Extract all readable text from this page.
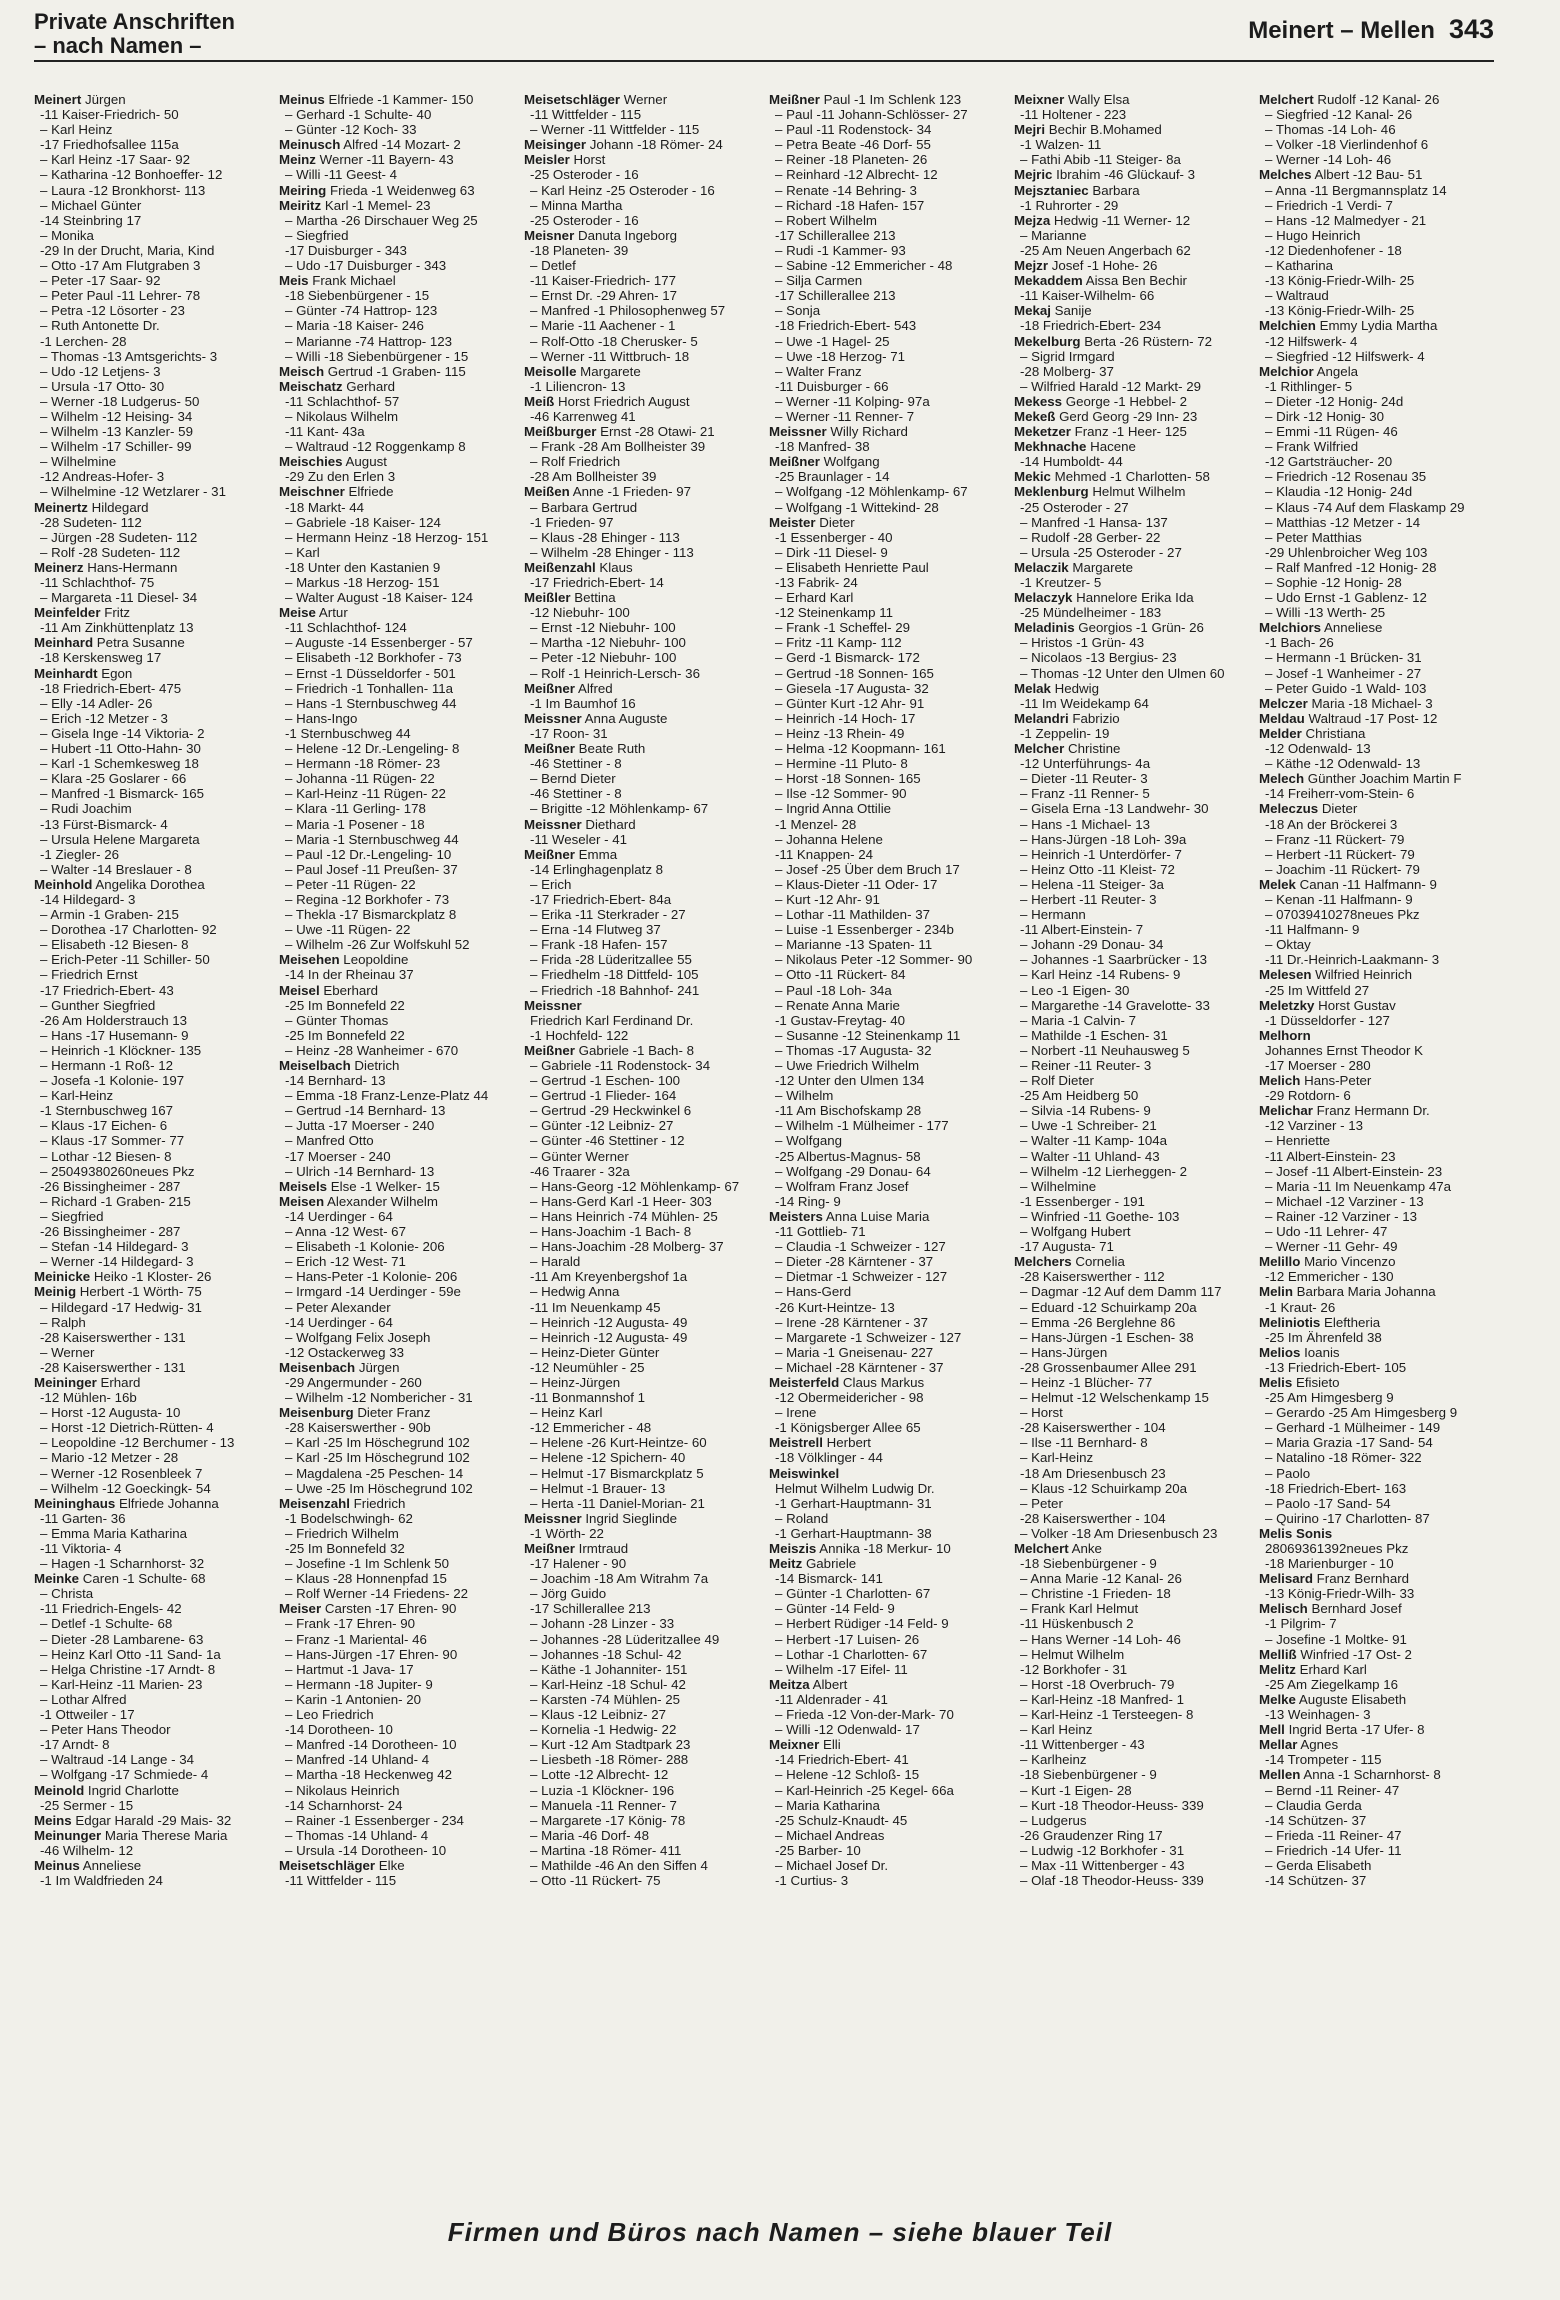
Private Anschriften
– nach Namen –
Meinert – Mellen 343
Meinert Jürgen
-11 Kaiser-Friedrich- 50
– Karl Heinz
-17 Friedhofsallee 115a
– Karl Heinz -17 Saar- 92
– Katharina -12 Bonhoeffer- 12
– Laura -12 Bronkhorst- 113
– Michael Günter
-14 Steinbring 17
– Monika
-29 In der Drucht, Maria, Kind
– Otto -17 Am Flutgraben 3
– Peter -17 Saar- 92
– Peter Paul -11 Lehrer- 78
– Petra -12 Lösorter - 23
– Ruth Antonette Dr.
-1 Lerchen- 28
– Thomas -13 Amtsgerichts- 3
– Udo -12 Letjens- 3
– Ursula -17 Otto- 30
– Werner -18 Ludgerus- 50
– Wilhelm -12 Heising- 34
– Wilhelm -13 Kanzler- 59
– Wilhelm -17 Schiller- 99
– Wilhelmine
-12 Andreas-Hofer- 3
– Wilhelmine -12 Wetzlarer - 31
Meinertz Hildegard
-28 Sudeten- 112
– Jürgen -28 Sudeten- 112
– Rolf -28 Sudeten- 112
Meinerz Hans-Hermann
-11 Schlachthof- 75
– Margareta -11 Diesel- 34
Meinfelder Fritz
-11 Am Zinkhüttenplatz 13
Meinhard Petra Susanne
-18 Kerskensweg 17
Meinhardt Egon
-18 Friedrich-Ebert- 475
– Elly -14 Adler- 26
– Erich -12 Metzer - 3
– Gisela Inge -14 Viktoria- 2
– Hubert -11 Otto-Hahn- 30
– Karl -1 Schemkesweg 18
– Klara -25 Goslarer - 66
– Manfred -1 Bismarck- 165
– Rudi Joachim
-13 Fürst-Bismarck- 4
– Ursula Helene Margareta
-1 Ziegler- 26
– Walter -14 Breslauer - 8
Meinhold Angelika Dorothea
-14 Hildegard- 3
– Armin -1 Graben- 215
– Dorothea -17 Charlotten- 92
– Elisabeth -12 Biesen- 8
– Erich-Peter -11 Schiller- 50
– Friedrich Ernst
-17 Friedrich-Ebert- 43
– Gunther Siegfried
-26 Am Holderstrauch 13
– Hans -17 Husemann- 9
– Heinrich -1 Klöckner- 135
– Hermann -1 Roß- 12
– Josefa -1 Kolonie- 197
– Karl-Heinz
-1 Sternbuschweg 167
– Klaus -17 Eichen- 6
– Klaus -17 Sommer- 77
– Lothar -12 Biesen- 8
– 25049380260neues Pkz
-26 Bissingheimer - 287
– Richard -1 Graben- 215
– Siegfried
-26 Bissingheimer - 287
– Stefan -14 Hildegard- 3
– Werner -14 Hildegard- 3
Meinicke Heiko -1 Kloster- 26
Meinig Herbert -1 Wörth- 75
– Hildegard -17 Hedwig- 31
– Ralph
-28 Kaiserswerther - 131
– Werner
-28 Kaiserswerther - 131
Meininger Erhard
-12 Mühlen- 16b
– Horst -12 Augusta- 10
– Horst -12 Dietrich-Rütten- 4
– Leopoldine -12 Berchumer - 13
– Mario -12 Metzer - 28
– Werner -12 Rosenbleek 7
– Wilhelm -12 Goeckingk- 54
Meininghaus Elfriede Johanna
-11 Garten- 36
– Emma Maria Katharina
-11 Viktoria- 4
– Hagen -1 Scharnhorst- 32
Meinke Caren -1 Schulte- 68
– Christa
-11 Friedrich-Engels- 42
– Detlef -1 Schulte- 68
– Dieter -28 Lambarene- 63
– Heinz Karl Otto -11 Sand- 1a
– Helga Christine -17 Arndt- 8
– Karl-Heinz -11 Marien- 23
– Lothar Alfred
-1 Ottweiler - 17
– Peter Hans Theodor
-17 Arndt- 8
– Waltraud -14 Lange - 34
– Wolfgang -17 Schmiede- 4
Meinold Ingrid Charlotte
-25 Sermer - 15
Meins Edgar Harald -29 Mais- 32
Meinunger Maria Therese Maria
-46 Wilhelm- 12
Meinus Anneliese
-1 Im Waldfrieden 24
Meinus Elfriede -1 Kammer- 150
– Gerhard -1 Schulte- 40
– Günter -12 Koch- 33
Meinusch Alfred -14 Mozart- 2
Meinz Werner -11 Bayern- 43
– Willi -11 Geest- 4
Meiring Frieda -1 Weidenweg 63
Meiritz Karl -1 Memel- 23
– Martha -26 Dirschauer Weg 25
– Siegfried
-17 Duisburger - 343
– Udo -17 Duisburger - 343
Meis Frank Michael
-18 Siebenbürgener - 15
– Günter -74 Hattrop- 123
– Maria -18 Kaiser- 246
– Marianne -74 Hattrop- 123
– Willi -18 Siebenbürgener - 15
Meisch Gertrud -1 Graben- 115
Meischatz Gerhard
-11 Schlachthof- 57
– Nikolaus Wilhelm
-11 Kant- 43a
– Waltraud -12 Roggenkamp 8
Meischies August
-29 Zu den Erlen 3
Meischner Elfriede
-18 Markt- 44
– Gabriele -18 Kaiser- 124
– Hermann Heinz -18 Herzog- 151
– Karl
-18 Unter den Kastanien 9
– Markus -18 Herzog- 151
– Walter August -18 Kaiser- 124
Meise Artur
-11 Schlachthof- 124
– Auguste -14 Essenberger - 57
– Elisabeth -12 Borkhofer - 73
– Ernst -1 Düsseldorfer - 501
– Friedrich -1 Tonhallen- 11a
– Hans -1 Sternbuschweg 44
– Hans-Ingo
-1 Sternbuschweg 44
– Helene -12 Dr.-Lengeling- 8
– Hermann -18 Römer- 23
– Johanna -11 Rügen- 22
– Karl-Heinz -11 Rügen- 22
– Klara -11 Gerling- 178
– Maria -1 Posener - 18
– Maria -1 Sternbuschweg 44
– Paul -12 Dr.-Lengeling- 10
– Paul Josef -11 Preußen- 37
– Peter -11 Rügen- 22
– Regina -12 Borkhofer - 73
– Thekla -17 Bismarckplatz 8
– Uwe -11 Rügen- 22
– Wilhelm -26 Zur Wolfskuhl 52
Meisehen Leopoldine
-14 In der Rheinau 37
Meisel Eberhard
-25 Im Bonnefeld 22
– Günter Thomas
-25 Im Bonnefeld 22
– Heinz -28 Wanheimer - 670
Meiselbach Dietrich
-14 Bernhard- 13
– Emma -18 Franz-Lenze-Platz 44
– Gertrud -14 Bernhard- 13
– Jutta -17 Moerser - 240
– Manfred Otto
-17 Moerser - 240
– Ulrich -14 Bernhard- 13
Meisels Else -1 Welker- 15
Meisen Alexander Wilhelm
-14 Uerdinger - 64
– Anna -12 West- 67
– Elisabeth -1 Kolonie- 206
– Erich -12 West- 71
– Hans-Peter -1 Kolonie- 206
– Irmgard -14 Uerdinger - 59e
– Peter Alexander
-14 Uerdinger - 64
– Wolfgang Felix Joseph
-12 Ostackerweg 33
Meisenbach Jürgen
-29 Angermunder - 260
– Wilhelm -12 Nombericher - 31
Meisenburg Dieter Franz
-28 Kaiserswerther - 90b
– Karl -25 Im Höschegrund 102
– Karl -25 Im Höschegrund 102
– Magdalena -25 Peschen- 14
– Uwe -25 Im Höschegrund 102
Meisenzahl Friedrich
-1 Bodelschwingh- 62
– Friedrich Wilhelm
-25 Im Bonnefeld 32
– Josefine -1 Im Schlenk 50
– Klaus -28 Honnenpfad 15
– Rolf Werner -14 Friedens- 22
Meiser Carsten -17 Ehren- 90
– Frank -17 Ehren- 90
– Franz -1 Mariental- 46
– Hans-Jürgen -17 Ehren- 90
– Hartmut -1 Java- 17
– Hermann -18 Jupiter- 9
– Karin -1 Antonien- 20
– Leo Friedrich
-14 Dorotheen- 10
– Manfred -14 Dorotheen- 10
– Manfred -14 Uhland- 4
– Martha -18 Heckenweg 42
– Nikolaus Heinrich
-14 Scharnhorst- 24
– Rainer -1 Essenberger - 234
– Thomas -14 Uhland- 4
– Ursula -14 Dorotheen- 10
Meisetschläger Elke
-11 Wittfelder - 115
Meisetschläger Werner
-11 Wittfelder - 115
– Werner -11 Wittfelder - 115
Meisinger Johann -18 Römer- 24
Meisler Horst
-25 Osteroder - 16
– Karl Heinz -25 Osteroder - 16
– Minna Martha
-25 Osteroder - 16
Meisner Danuta Ingeborg
-18 Planeten- 39
– Detlef
-11 Kaiser-Friedrich- 177
– Ernst Dr. -29 Ahren- 17
– Manfred -1 Philosophenweg 57
– Marie -11 Aachener - 1
– Rolf-Otto -18 Cherusker- 5
– Werner -11 Wittbruch- 18
Meisolle Margarete
-1 Liliencron- 13
Meiß Horst Friedrich August
-46 Karrenweg 41
Meißburger Ernst -28 Otawi- 21
– Frank -28 Am Bollheister 39
– Rolf Friedrich
-28 Am Bollheister 39
Meißen Anne -1 Frieden- 97
– Barbara Gertrud
-1 Frieden- 97
– Klaus -28 Ehinger - 113
– Wilhelm -28 Ehinger - 113
Meißenzahl Klaus
-17 Friedrich-Ebert- 14
Meißler Bettina
-12 Niebuhr- 100
– Ernst -12 Niebuhr- 100
– Martha -12 Niebuhr- 100
– Peter -12 Niebuhr- 100
– Rolf -1 Heinrich-Lersch- 36
Meißner Alfred
-1 Im Baumhof 16
Meissner Anna Auguste
-17 Roon- 31
Meißner Beate Ruth
-46 Stettiner - 8
– Bernd Dieter
-46 Stettiner - 8
– Brigitte -12 Möhlenkamp- 67
Meissner Diethard
-11 Weseler - 41
Meißner Emma
-14 Erlinghagenplatz 8
– Erich
-17 Friedrich-Ebert- 84a
– Erika -11 Sterkrader - 27
– Erna -14 Flutweg 37
– Frank -18 Hafen- 157
– Frida -28 Lüderitzallee 55
– Friedhelm -18 Dittfeld- 105
– Friedrich -18 Bahnhof- 241
Meissner
Friedrich Karl Ferdinand Dr.
-1 Hochfeld- 122
Meißner Gabriele -1 Bach- 8
– Gabriele -11 Rodenstock- 34
– Gertrud -1 Eschen- 100
– Gertrud -1 Flieder- 164
– Gertrud -29 Heckwinkel 6
– Günter -12 Leibniz- 27
– Günter -46 Stettiner - 12
– Günter Werner
-46 Traarer - 32a
– Hans-Georg -12 Möhlenkamp- 67
– Hans-Gerd Karl -1 Heer- 303
– Hans Heinrich -74 Mühlen- 25
– Hans-Joachim -1 Bach- 8
– Hans-Joachim -28 Molberg- 37
– Harald
-11 Am Kreyenbergshof 1a
– Hedwig Anna
-11 Im Neuenkamp 45
– Heinrich -12 Augusta- 49
– Heinrich -12 Augusta- 49
– Heinz-Dieter Günter
-12 Neumühler - 25
– Heinz-Jürgen
-11 Bonmannshof 1
– Heinz Karl
-12 Emmericher - 48
– Helene -26 Kurt-Heintze- 60
– Helene -12 Spichern- 40
– Helmut -17 Bismarckplatz 5
– Helmut -1 Brauer- 13
– Herta -11 Daniel-Morian- 21
Meissner Ingrid Sieglinde
-1 Wörth- 22
Meißner Irmtraud
-17 Halener - 90
– Joachim -18 Am Witrahm 7a
– Jörg Guido
-17 Schillerallee 213
– Johann -28 Linzer - 33
– Johannes -28 Lüderitzallee 49
– Johannes -18 Schul- 42
– Käthe -1 Johanniter- 151
– Karl-Heinz -18 Schul- 42
– Karsten -74 Mühlen- 25
– Klaus -12 Leibniz- 27
– Kornelia -1 Hedwig- 22
– Kurt -12 Am Stadtpark 23
– Liesbeth -18 Römer- 288
– Lotte -12 Albrecht- 12
– Luzia -1 Klöckner- 196
– Manuela -11 Renner- 7
– Margarete -17 König- 78
– Maria -46 Dorf- 48
– Martina -18 Römer- 411
– Mathilde -46 An den Siffen 4
– Otto -11 Rückert- 75
Meißner Paul -1 Im Schlenk 123
– Paul -11 Johann-Schlösser- 27
– Paul -11 Rodenstock- 34
– Petra Beate -46 Dorf- 55
– Reiner -18 Planeten- 26
– Reinhard -12 Albrecht- 12
– Renate -14 Behring- 3
– Richard -18 Hafen- 157
– Robert Wilhelm
-17 Schillerallee 213
– Rudi -1 Kammer- 93
– Sabine -12 Emmericher - 48
– Silja Carmen
-17 Schillerallee 213
– Sonja
-18 Friedrich-Ebert- 543
– Uwe -1 Hagel- 25
– Uwe -18 Herzog- 71
– Walter Franz
-11 Duisburger - 66
– Werner -11 Kolping- 97a
– Werner -11 Renner- 7
Meissner Willy Richard
-18 Manfred- 38
Meißner Wolfgang
-25 Braunlager - 14
– Wolfgang -12 Möhlenkamp- 67
– Wolfgang -1 Wittekind- 28
Meister Dieter
-1 Essenberger - 40
– Dirk -11 Diesel- 9
– Elisabeth Henriette Paul
-13 Fabrik- 24
– Erhard Karl
-12 Steinenkamp 11
– Frank -1 Scheffel- 29
– Fritz -11 Kamp- 112
– Gerd -1 Bismarck- 172
– Gertrud -18 Sonnen- 165
– Giesela -17 Augusta- 32
– Günter Kurt -12 Ahr- 91
– Heinrich -14 Hoch- 17
– Heinz -13 Rhein- 49
– Helma -12 Koopmann- 161
– Hermine -11 Pluto- 8
– Horst -18 Sonnen- 165
– Ilse -12 Sommer- 90
– Ingrid Anna Ottilie
-1 Menzel- 28
– Johanna Helene
-11 Knappen- 24
– Josef -25 Über dem Bruch 17
– Klaus-Dieter -11 Oder- 17
– Kurt -12 Ahr- 91
– Lothar -11 Mathilden- 37
– Luise -1 Essenberger - 234b
– Marianne -13 Spaten- 11
– Nikolaus Peter -12 Sommer- 90
– Otto -11 Rückert- 84
– Paul -18 Loh- 34a
– Renate Anna Marie
-1 Gustav-Freytag- 40
– Susanne -12 Steinenkamp 11
– Thomas -17 Augusta- 32
– Uwe Friedrich Wilhelm
-12 Unter den Ulmen 134
– Wilhelm
-11 Am Bischofskamp 28
– Wilhelm -1 Mülheimer - 177
– Wolfgang
-25 Albertus-Magnus- 58
– Wolfgang -29 Donau- 64
– Wolfram Franz Josef
-14 Ring- 9
Meisters Anna Luise Maria
-11 Gottlieb- 71
– Claudia -1 Schweizer - 127
– Dieter -28 Kärntener - 37
– Dietmar -1 Schweizer - 127
– Hans-Gerd
-26 Kurt-Heintze- 13
– Irene -28 Kärntener - 37
– Margarete -1 Schweizer - 127
– Maria -1 Gneisenau- 227
– Michael -28 Kärntener - 37
Meisterfeld Claus Markus
-12 Obermeidericher - 98
– Irene
-1 Königsberger Allee 65
Meistrell Herbert
-18 Völklinger - 44
Meiswinkel
Helmut Wilhelm Ludwig Dr.
-1 Gerhart-Hauptmann- 31
– Roland
-1 Gerhart-Hauptmann- 38
Meiszis Annika -18 Merkur- 10
Meitz Gabriele
-14 Bismarck- 141
– Günter -1 Charlotten- 67
– Günter -14 Feld- 9
– Herbert Rüdiger -14 Feld- 9
– Herbert -17 Luisen- 26
– Lothar -1 Charlotten- 67
– Wilhelm -17 Eifel- 11
Meitza Albert
-11 Aldenrader - 41
– Frieda -12 Von-der-Mark- 70
– Willi -12 Odenwald- 17
Meixner Elli
-14 Friedrich-Ebert- 41
– Helene -12 Schloß- 15
– Karl-Heinrich -25 Kegel- 66a
– Maria Katharina
-25 Schulz-Knaudt- 45
– Michael Andreas
-25 Barber- 10
– Michael Josef Dr.
-1 Curtius- 3
Meixner Wally Elsa
-11 Holtener - 223
Mejri Bechir B.Mohamed
-1 Walzen- 11
– Fathi Abib -11 Steiger- 8a
Mejric Ibrahim -46 Glückauf- 3
Mejsztaniec Barbara
-1 Ruhrorter - 29
Mejza Hedwig -11 Werner- 12
– Marianne
-25 Am Neuen Angerbach 62
Mejzr Josef -1 Hohe- 26
Mekaddem Aissa Ben Bechir
-11 Kaiser-Wilhelm- 66
Mekaj Sanije
-18 Friedrich-Ebert- 234
Mekelburg Berta -26 Rüstern- 72
– Sigrid Irmgard
-28 Molberg- 37
– Wilfried Harald -12 Markt- 29
Mekess George -1 Hebbel- 2
Mekeß Gerd Georg -29 Inn- 23
Meketzer Franz -1 Heer- 125
Mekhnache Hacene
-14 Humboldt- 44
Mekic Mehmed -1 Charlotten- 58
Meklenburg Helmut Wilhelm
-25 Osteroder - 27
– Manfred -1 Hansa- 137
– Rudolf -28 Gerber- 22
– Ursula -25 Osteroder - 27
Melaczik Margarete
-1 Kreutzer- 5
Melaczyk Hannelore Erika Ida
-25 Mündelheimer - 183
Meladinis Georgios -1 Grün- 26
– Hristos -1 Grün- 43
– Nicolaos -13 Bergius- 23
– Thomas -12 Unter den Ulmen 60
Melak Hedwig
-11 Im Weidekamp 64
Melandri Fabrizio
-1 Zeppelin- 19
Melcher Christine
-12 Unterführungs- 4a
– Dieter -11 Reuter- 3
– Franz -11 Renner- 5
– Gisela Erna -13 Landwehr- 30
– Hans -1 Michael- 13
– Hans-Jürgen -18 Loh- 39a
– Heinrich -1 Unterdörfer- 7
– Heinz Otto -11 Kleist- 72
– Helena -11 Steiger- 3a
– Herbert -11 Reuter- 3
– Hermann
-11 Albert-Einstein- 7
– Johann -29 Donau- 34
– Johannes -1 Saarbrücker - 13
– Karl Heinz -14 Rubens- 9
– Leo -1 Eigen- 30
– Margarethe -14 Gravelotte- 33
– Maria -1 Calvin- 7
– Mathilde -1 Eschen- 31
– Norbert -11 Neuhausweg 5
– Reiner -11 Reuter- 3
– Rolf Dieter
-25 Am Heidberg 50
– Silvia -14 Rubens- 9
– Uwe -1 Schreiber- 21
– Walter -11 Kamp- 104a
– Walter -11 Uhland- 43
– Wilhelm -12 Lierheggen- 2
– Wilhelmine
-1 Essenberger - 191
– Winfried -11 Goethe- 103
– Wolfgang Hubert
-17 Augusta- 71
Melchers Cornelia
-28 Kaiserswerther - 112
– Dagmar -12 Auf dem Damm 117
– Eduard -12 Schuirkamp 20a
– Emma -26 Berglehne 86
– Hans-Jürgen -1 Eschen- 38
– Hans-Jürgen
-28 Grossenbaumer Allee 291
– Heinz -1 Blücher- 77
– Helmut -12 Welschenkamp 15
– Horst
-28 Kaiserswerther - 104
– Ilse -11 Bernhard- 8
– Karl-Heinz
-18 Am Driesenbusch 23
– Klaus -12 Schuirkamp 20a
– Peter
-28 Kaiserswerther - 104
– Volker -18 Am Driesenbusch 23
Melchert Anke
-18 Siebenbürgener - 9
– Anna Marie -12 Kanal- 26
– Christine -1 Frieden- 18
– Frank Karl Helmut
-11 Hüskenbusch 2
– Hans Werner -14 Loh- 46
– Helmut Wilhelm
-12 Borkhofer - 31
– Horst -18 Overbruch- 79
– Karl-Heinz -18 Manfred- 1
– Karl-Heinz -1 Tersteegen- 8
– Karl Heinz
-11 Wittenberger - 43
– Karlheinz
-18 Siebenbürgener - 9
– Kurt -1 Eigen- 28
– Kurt -18 Theodor-Heuss- 339
– Ludgerus
-26 Graudenzer Ring 17
– Ludwig -12 Borkhofer - 31
– Max -11 Wittenberger - 43
– Olaf -18 Theodor-Heuss- 339
Melchert Rudolf -12 Kanal- 26
– Siegfried -12 Kanal- 26
– Thomas -14 Loh- 46
– Volker -18 Vierlindenhof 6
– Werner -14 Loh- 46
Melches Albert -12 Bau- 51
– Anna -11 Bergmannsplatz 14
– Friedrich -1 Verdi- 7
– Hans -12 Malmedyer - 21
– Hugo Heinrich
-12 Diedenhofener - 18
– Katharina
-13 König-Friedr-Wilh- 25
– Waltraud
-13 König-Friedr-Wilh- 25
Melchien Emmy Lydia Martha
-12 Hilfswerk- 4
– Siegfried -12 Hilfswerk- 4
Melchior Angela
-1 Rithlinger- 5
– Dieter -12 Honig- 24d
– Dirk -12 Honig- 30
– Emmi -11 Rügen- 46
– Frank Wilfried
-12 Gartsträucher- 20
– Friedrich -12 Rosenau 35
– Klaudia -12 Honig- 24d
– Klaus -74 Auf dem Flaskamp 29
– Matthias -12 Metzer - 14
– Peter Matthias
-29 Uhlenbroicher Weg 103
– Ralf Manfred -12 Honig- 28
– Sophie -12 Honig- 28
– Udo Ernst -1 Gablenz- 12
– Willi -13 Werth- 25
Melchiors Anneliese
-1 Bach- 26
– Hermann -1 Brücken- 31
– Josef -1 Wanheimer - 27
– Peter Guido -1 Wald- 103
Melczer Maria -18 Michael- 3
Meldau Waltraud -17 Post- 12
Melder Christiana
-12 Odenwald- 13
– Käthe -12 Odenwald- 13
Melech Günther Joachim Martin F
-14 Freiherr-vom-Stein- 6
Meleczus Dieter
-18 An der Bröckerei 3
– Franz -11 Rückert- 79
– Herbert -11 Rückert- 79
– Joachim -11 Rückert- 79
Melek Canan -11 Halfmann- 9
– Kenan -11 Halfmann- 9
– 07039410278neues Pkz
-11 Halfmann- 9
– Oktay
-11 Dr.-Heinrich-Laakmann- 3
Melesen Wilfried Heinrich
-25 Im Wittfeld 27
Meletzky Horst Gustav
-1 Düsseldorfer - 127
Melhorn
Johannes Ernst Theodor K
-17 Moerser - 280
Melich Hans-Peter
-29 Rotdorn- 6
Melichar Franz Hermann Dr.
-12 Varziner - 13
– Henriette
-11 Albert-Einstein- 23
– Josef -11 Albert-Einstein- 23
– Maria -11 Im Neuenkamp 47a
– Michael -12 Varziner - 13
– Rainer -12 Varziner - 13
– Udo -11 Lehrer- 47
– Werner -11 Gehr- 49
Melillo Mario Vincenzo
-12 Emmericher - 130
Melin Barbara Maria Johanna
-1 Kraut- 26
Meliniotis Eleftheria
-25 Im Ährenfeld 38
Melios Ioanis
-13 Friedrich-Ebert- 105
Melis Efisieto
-25 Am Himgesberg 9
– Gerardo -25 Am Himgesberg 9
– Gerhard -1 Mülheimer - 149
– Maria Grazia -17 Sand- 54
– Natalino -18 Römer- 322
– Paolo
-18 Friedrich-Ebert- 163
– Paolo -17 Sand- 54
– Quirino -17 Charlotten- 87
Melis Sonis
28069361392neues Pkz
-18 Marienburger - 10
Melisard Franz Bernhard
-13 König-Friedr-Wilh- 33
Melisch Bernhard Josef
-1 Pilgrim- 7
– Josefine -1 Moltke- 91
Melliß Winfried -17 Ost- 2
Melitz Erhard Karl
-25 Am Ziegelkamp 16
Melke Auguste Elisabeth
-13 Weinhagen- 3
Mell Ingrid Berta -17 Ufer- 8
Mellar Agnes
-14 Trompeter - 115
Mellen Anna -1 Scharnhorst- 8
– Bernd -11 Reiner- 47
– Claudia Gerda
-14 Schützen- 37
– Frieda -11 Reiner- 47
– Friedrich -14 Ufer- 11
– Gerda Elisabeth
-14 Schützen- 37
Firmen und Büros nach Namen – siehe blauer Teil
